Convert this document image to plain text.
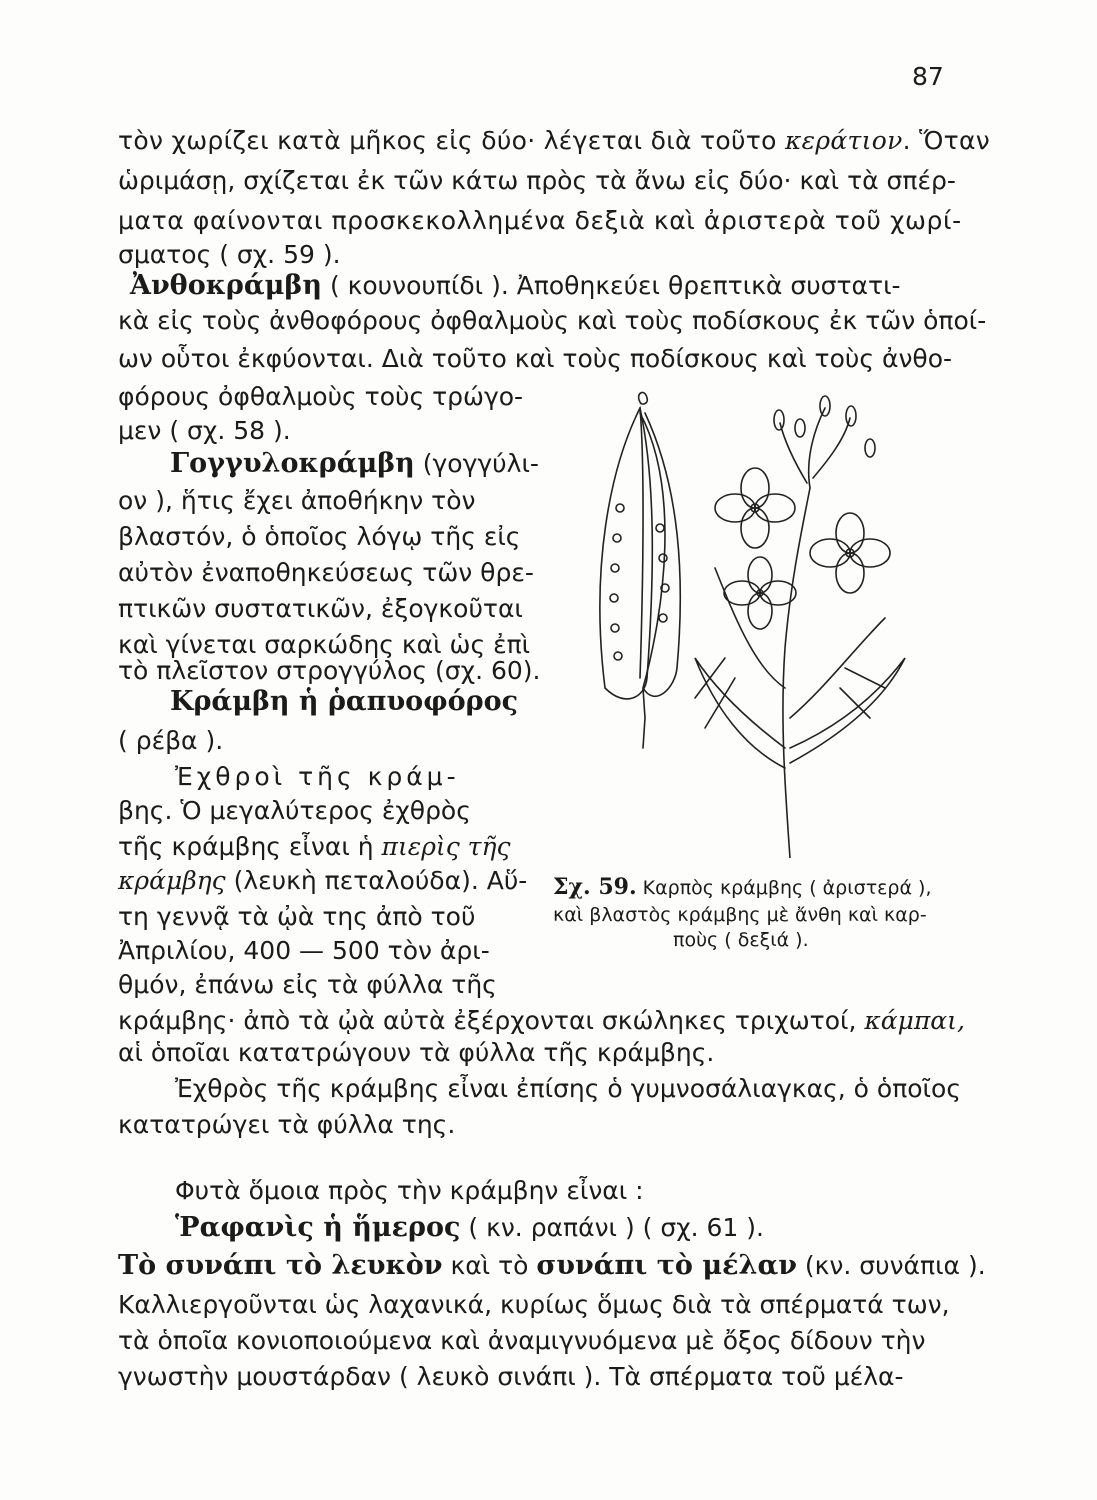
87
τὸν χωρίζει κατὰ μῆκος εἰς δύο· λέγεται διὰ τοῦτο κεράτιον. Ὅταν
ὡριμάσῃ, σχίζεται ἐκ τῶν κάτω πρὸς τὰ ἄνω εἰς δύο· καὶ τὰ σπέρ-
ματα φαίνονται προσκεκολλημένα δεξιὰ καὶ ἀριστερὰ τοῦ χωρί-
σματος ( σχ. 59 ).
Ἀνθοκράμβη ( κουνουπίδι ). Ἀποθηκεύει θρεπτικὰ συστατι-
κὰ εἰς τοὺς ἀνθοφόρους ὀφθαλμοὺς καὶ τοὺς ποδίσκους ἐκ τῶν ὁποί-
ων οὗτοι ἐκφύονται. Διὰ τοῦτο καὶ τοὺς ποδίσκους καὶ τοὺς ἀνθο-
φόρους ὀφθαλμοὺς τοὺς τρώγο-
μεν ( σχ. 58 ).
Γογγυλοκράμβη (γογγύλι-
ον ), ἥτις ἔχει ἀποθήκην τὸν
βλαστόν, ὁ ὁποῖος λόγῳ τῆς εἰς
αὐτὸν ἐναποθηκεύσεως τῶν θρε-
πτικῶν συστατικῶν, ἐξογκοῦται
καὶ γίνεται σαρκώδης καὶ ὡς ἐπὶ
τὸ πλεῖστον στρογγύλος (σχ. 60).
Κράμβη ἡ ῥαπυοφόρος
( ρέβα ).
Ἐχθροὶ τῆς κράμ-
βης. Ὁ μεγαλύτερος ἐχθρὸς
τῆς κράμβης εἶναι ἡ πιερὶς τῆς
κράμβης (λευκὴ πεταλούδα). Αὕ-
τη γεννᾷ τὰ ᾠὰ της ἀπὸ τοῦ
Ἀπριλίου, 400 — 500 τὸν ἀρι-
θμόν, ἐπάνω εἰς τὰ φύλλα τῆς
κράμβης· ἀπὸ τὰ ᾠὰ αὐτὰ ἐξέρχονται σκώληκες τριχωτοί, κάμπαι,
αἱ ὁποῖαι κατατρώγουν τὰ φύλλα τῆς κράμβης.
Ἐχθρὸς τῆς κράμβης εἶναι ἐπίσης ὁ γυμνοσάλιαγκας, ὁ ὁποῖος
κατατρώγει τὰ φύλλα της.
Φυτὰ ὅμοια πρὸς τὴν κράμβην εἶναι :
Ῥαφανὶς ἡ ἥμερος ( κν. ραπάνι ) ( σχ. 61 ).
Τὸ συνάπι τὸ λευκὸν καὶ τὸ συνάπι τὸ μέλαν (κν. συνάπια ).
Καλλιεργοῦνται ὡς λαχανικά, κυρίως ὅμως διὰ τὰ σπέρματά των,
τὰ ὁποῖα κονιοποιούμενα καὶ ἀναμιγνυόμενα μὲ ὄξος δίδουν τὴν
γνωστὴν μουστάρδαν ( λευκὸ σινάπι ). Τὰ σπέρματα τοῦ μέλα-
Σχ. 59. Καρπὸς κράμβης ( ἀριστερά ),
καὶ βλαστὸς κράμβης μὲ ἄνθη καὶ καρ-
ποὺς ( δεξιά ).
